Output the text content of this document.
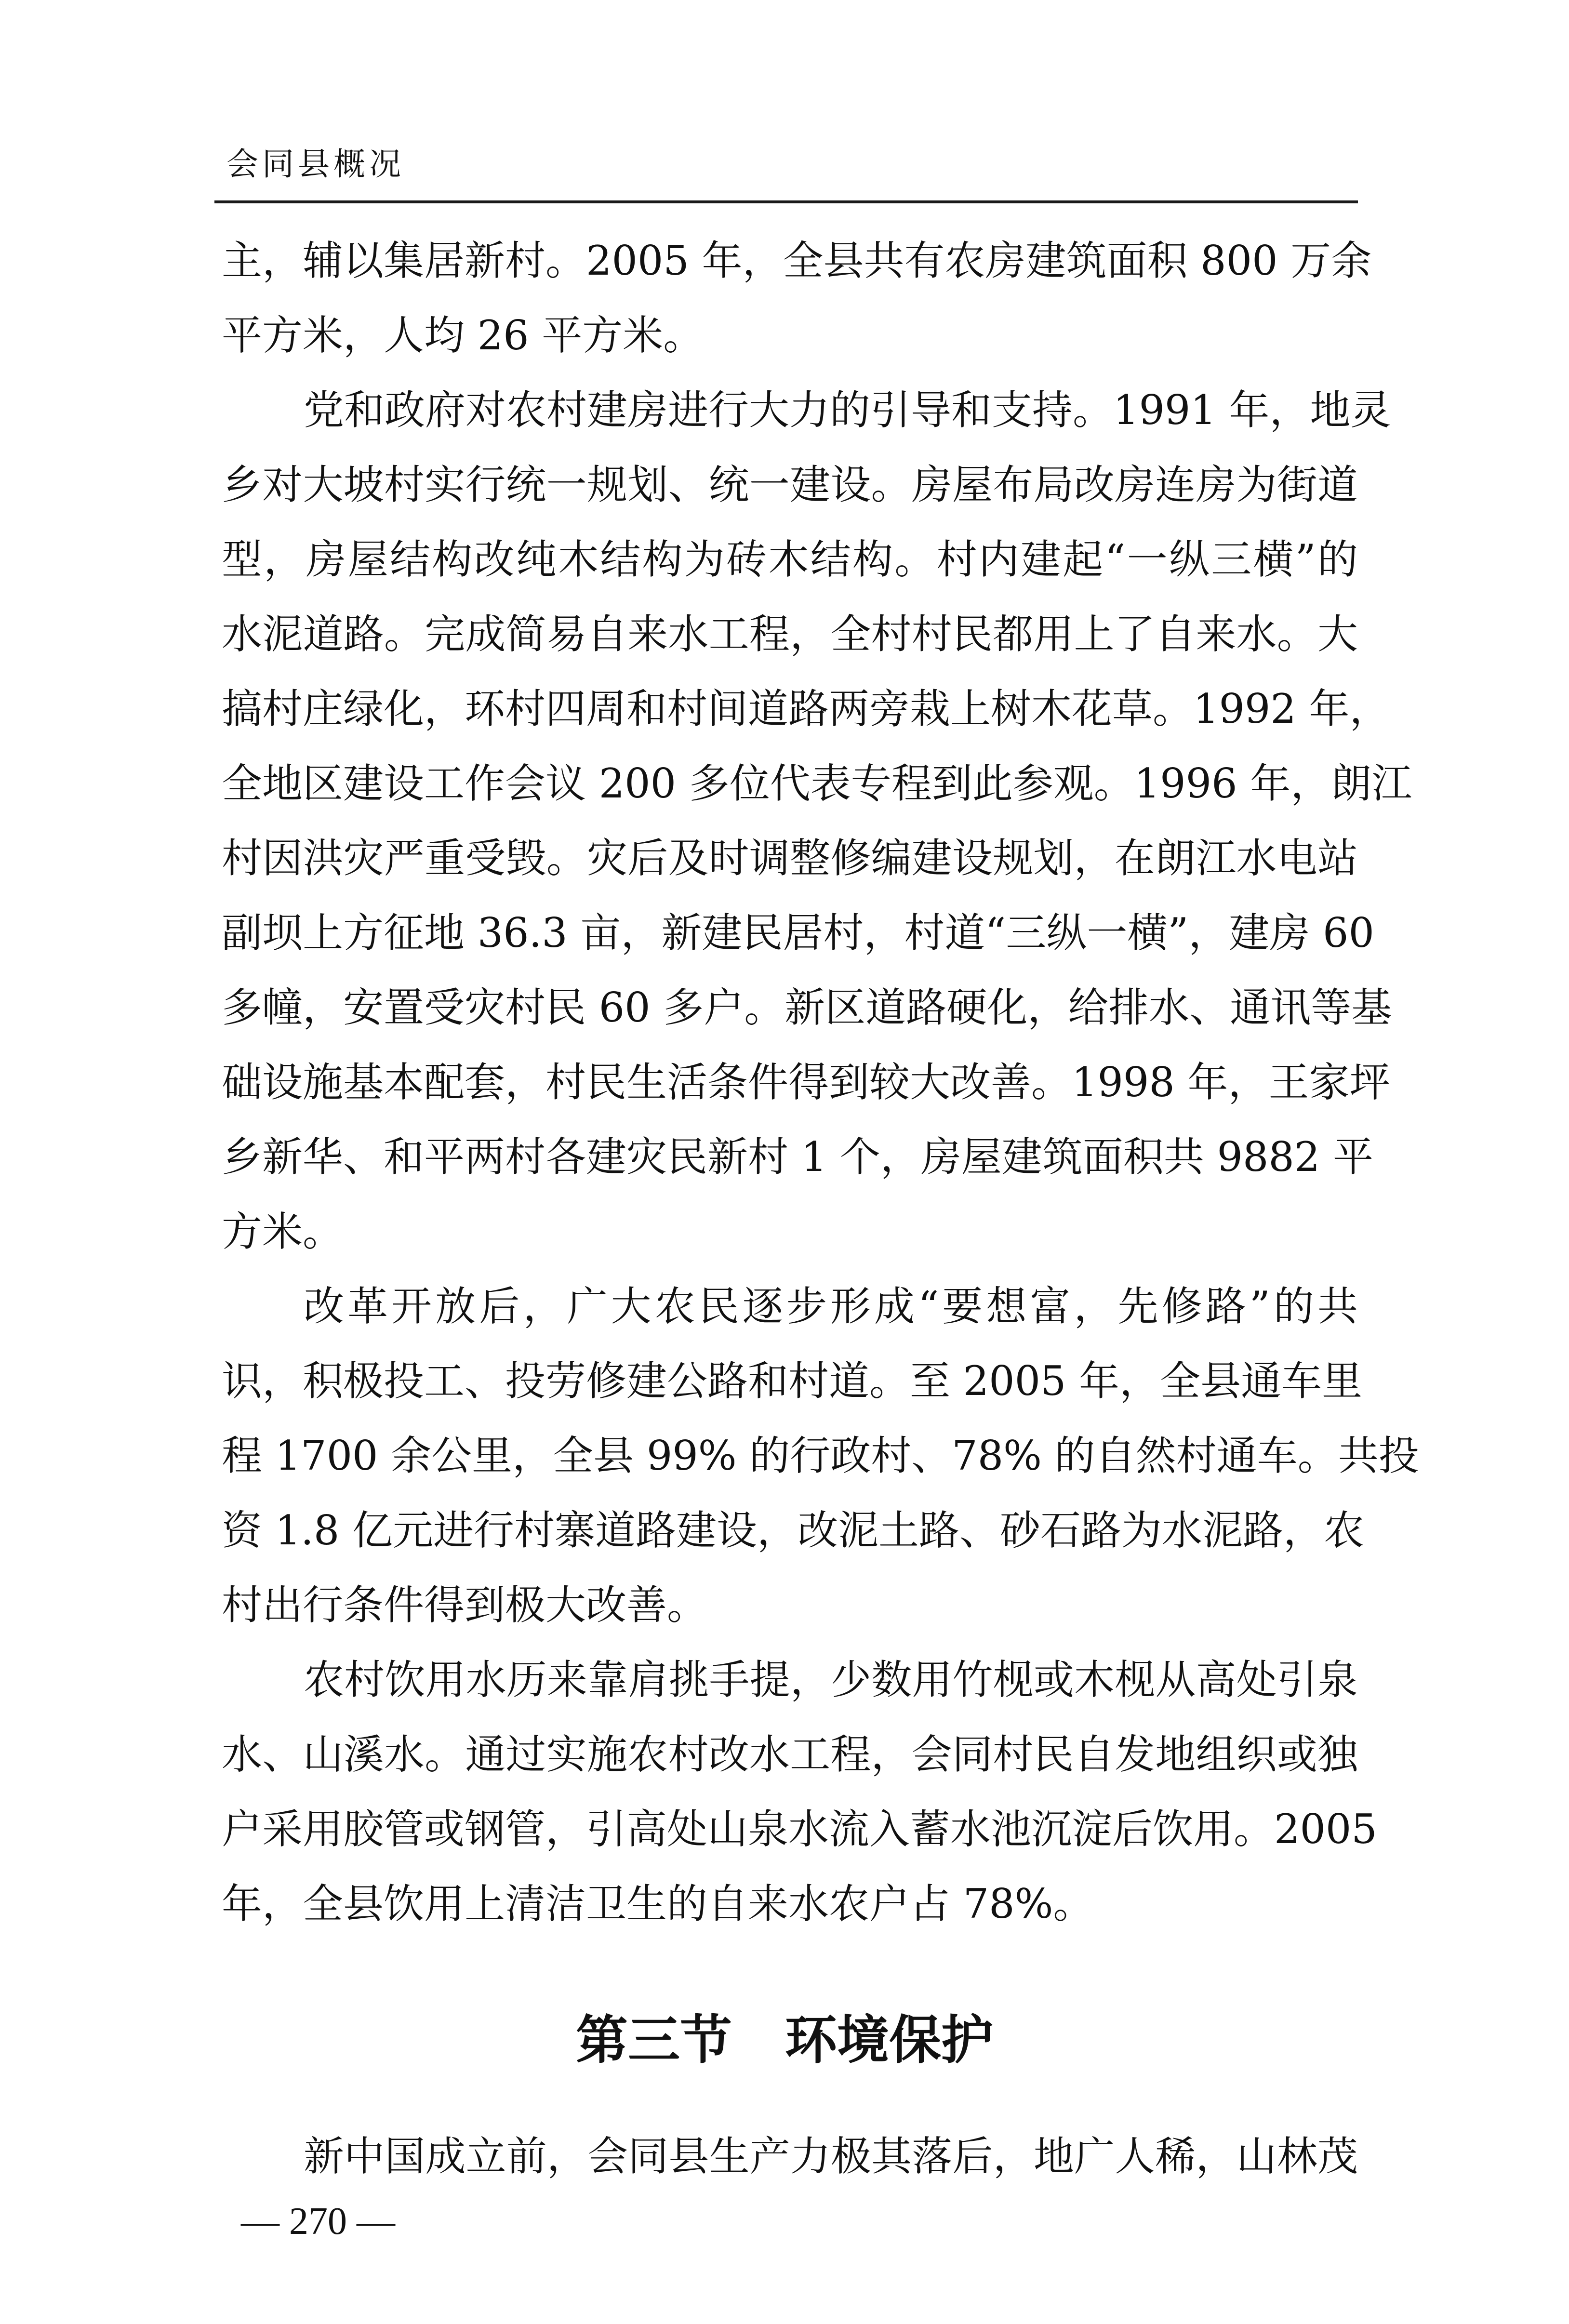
会同县概况
主，辅以集居新村。2005 年，全县共有农房建筑面积 800 万余
平方米，人均 26 平方米。
党和政府对农村建房进行大力的引导和支持。1991 年，地灵
乡对大坡村实行统一规划、统一建设。房屋布局改房连房为街道
型，房屋结构改纯木结构为砖木结构。村内建起“一纵三横”的
水泥道路。完成简易自来水工程，全村村民都用上了自来水。大
搞村庄绿化，环村四周和村间道路两旁栽上树木花草。1992 年，
全地区建设工作会议 200 多位代表专程到此参观。1996 年，朗江
村因洪灾严重受毁。灾后及时调整修编建设规划，在朗江水电站
副坝上方征地 36.3 亩，新建民居村，村道“三纵一横”，建房 60
多幢，安置受灾村民 60 多户。新区道路硬化，给排水、通讯等基
础设施基本配套，村民生活条件得到较大改善。1998 年，王家坪
乡新华、和平两村各建灾民新村 1 个，房屋建筑面积共 9882 平
方米。
改革开放后，广大农民逐步形成“要想富，先修路”的共
识，积极投工、投劳修建公路和村道。至 2005 年，全县通车里
程 1700 余公里，全县 99% 的行政村、78% 的自然村通车。共投
资 1.8 亿元进行村寨道路建设，改泥土路、砂石路为水泥路，农
村出行条件得到极大改善。
农村饮用水历来靠肩挑手提，少数用竹枧或木枧从高处引泉
水、山溪水。通过实施农村改水工程，会同村民自发地组织或独
户采用胶管或钢管，引高处山泉水流入蓄水池沉淀后饮用。2005
年，全县饮用上清洁卫生的自来水农户占 78%。
第三节 环境保护
新中国成立前，会同县生产力极其落后，地广人稀，山林茂
— 270 —
